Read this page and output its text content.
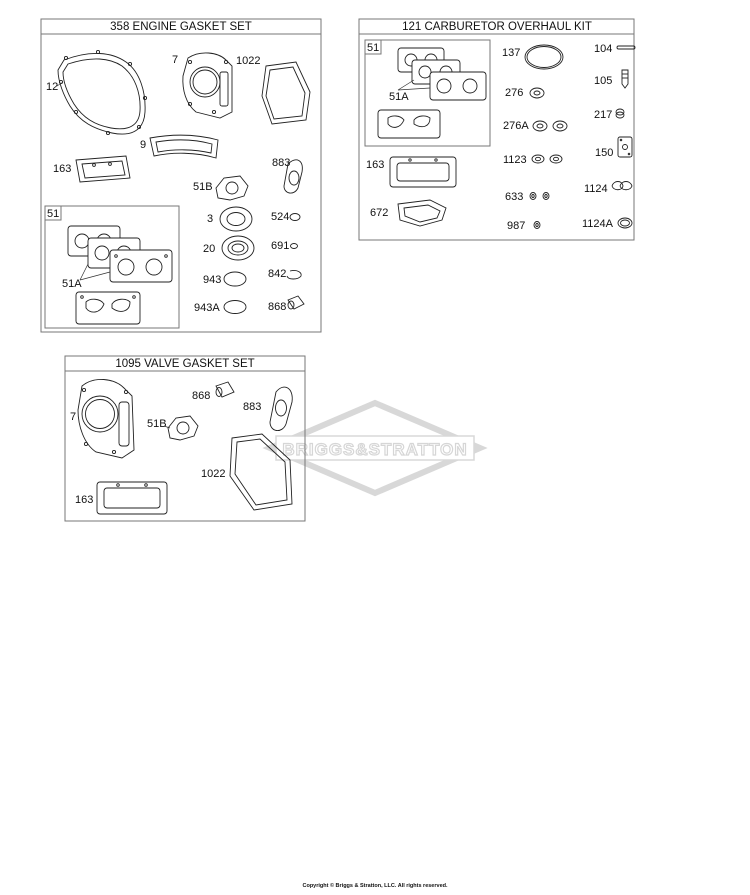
BRIGGS&STRATTON
358 ENGINE GASKET SET
12
7	1022
9
163	883
51B
3	524
20	691
943	842
943A	868
51
51A
121 CARBURETOR OVERHAUL KIT
51
51A
137	104
105
276
217
276A
150
163	1123
1124
633
672
987	1124A
1095 VALVE GASKET SET
7
868
883
51B
1022
163
Copyright © Briggs & Stratton, LLC. All rights reserved.
